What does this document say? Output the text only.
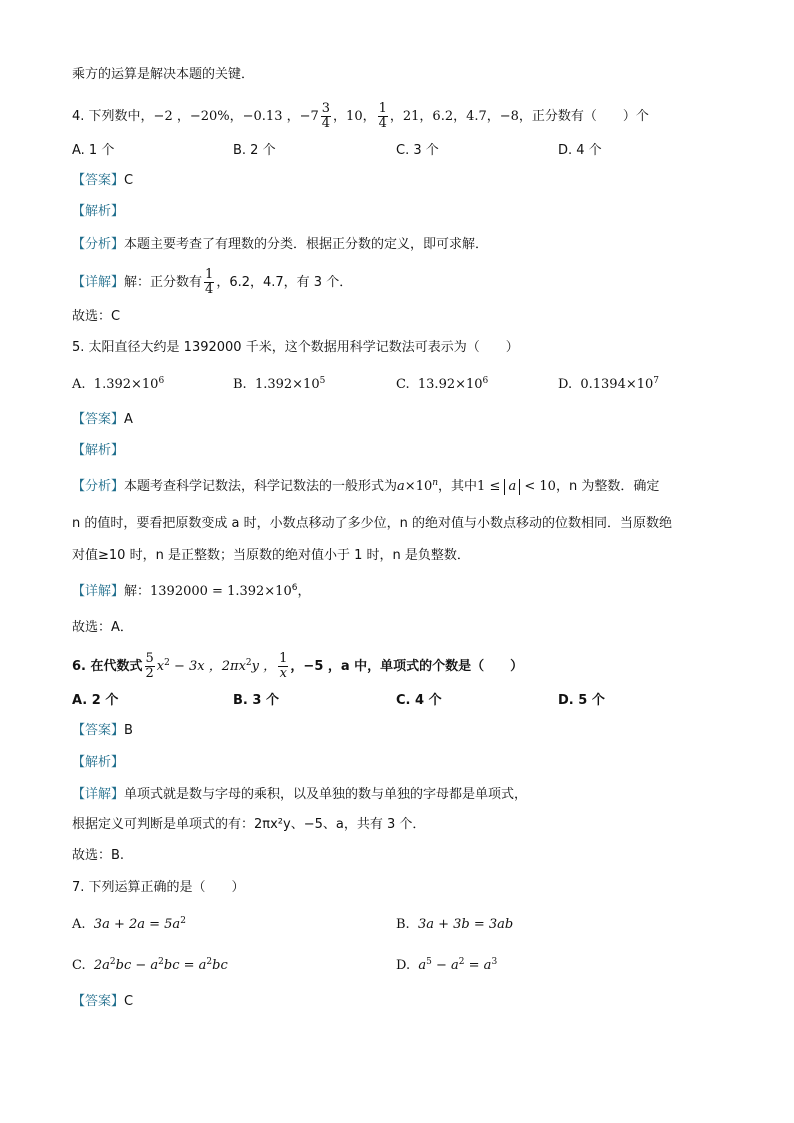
乘方的运算是解决本题的关键．
4. 下列数中，−2 ，−20%，−0.13 ，$-7 \frac{3}{4}$ ，10， $\frac{1}{4}$ ，21，6.2，4.7，−8，正分数有（　　）个
A. 1 个	B. 2 个	C. 3 个	D. 4 个
【答案】C
【解析】
【分析】本题主要考查了有理数的分类．根据正分数的定义，即可求解．
【详解】解：正分数有 $\frac{1}{4}$ ，6.2，4.7，有 3 个．
故选：C
5. 太阳直径大约是 1392000 千米，这个数据用科学记数法可表示为（　　）
A. $1.392\times 10^6$	B. $1.392\times 10^5$	C. $13.92\times 10^6$	D. $0.1394\times 10^7$
【答案】A
【解析】
【分析】本题考查科学记数法，科学记数法的一般形式为$a\times 10^n$，其中1 ≤ a < 10，n 为整数．确定
n 的值时，要看把原数变成 a 时，小数点移动了多少位，n 的绝对值与小数点移动的位数相同．当原数绝
对值≥10 时，n 是正整数；当原数的绝对值小于 1 时，n 是负整数．
【详解】解：$1392000 = 1.392\times 10^6$，
故选：A．
6. 在代数式 $\frac{5}{2} x^2 - 3x$ ，$2\pi x^2y$ ， $\frac{1}{x}$ ，−5 ，a 中，单项式的个数是（　　）
A. 2 个	B. 3 个	C. 4 个	D. 5 个
【答案】B
【解析】
【详解】单项式就是数与字母的乘积，以及单独的数与单独的字母都是单项式，
根据定义可判断是单项式的有：2πx²y、−5、a，共有 3 个．
故选：B.
7. 下列运算正确的是（　　）
A. $3a + 2a = 5a^2$	B. 3a + 3b = 3ab
C. $2a^2bc - a^2bc = a^2bc$	D. $a^5 - a^2 = a^3$
【答案】C
